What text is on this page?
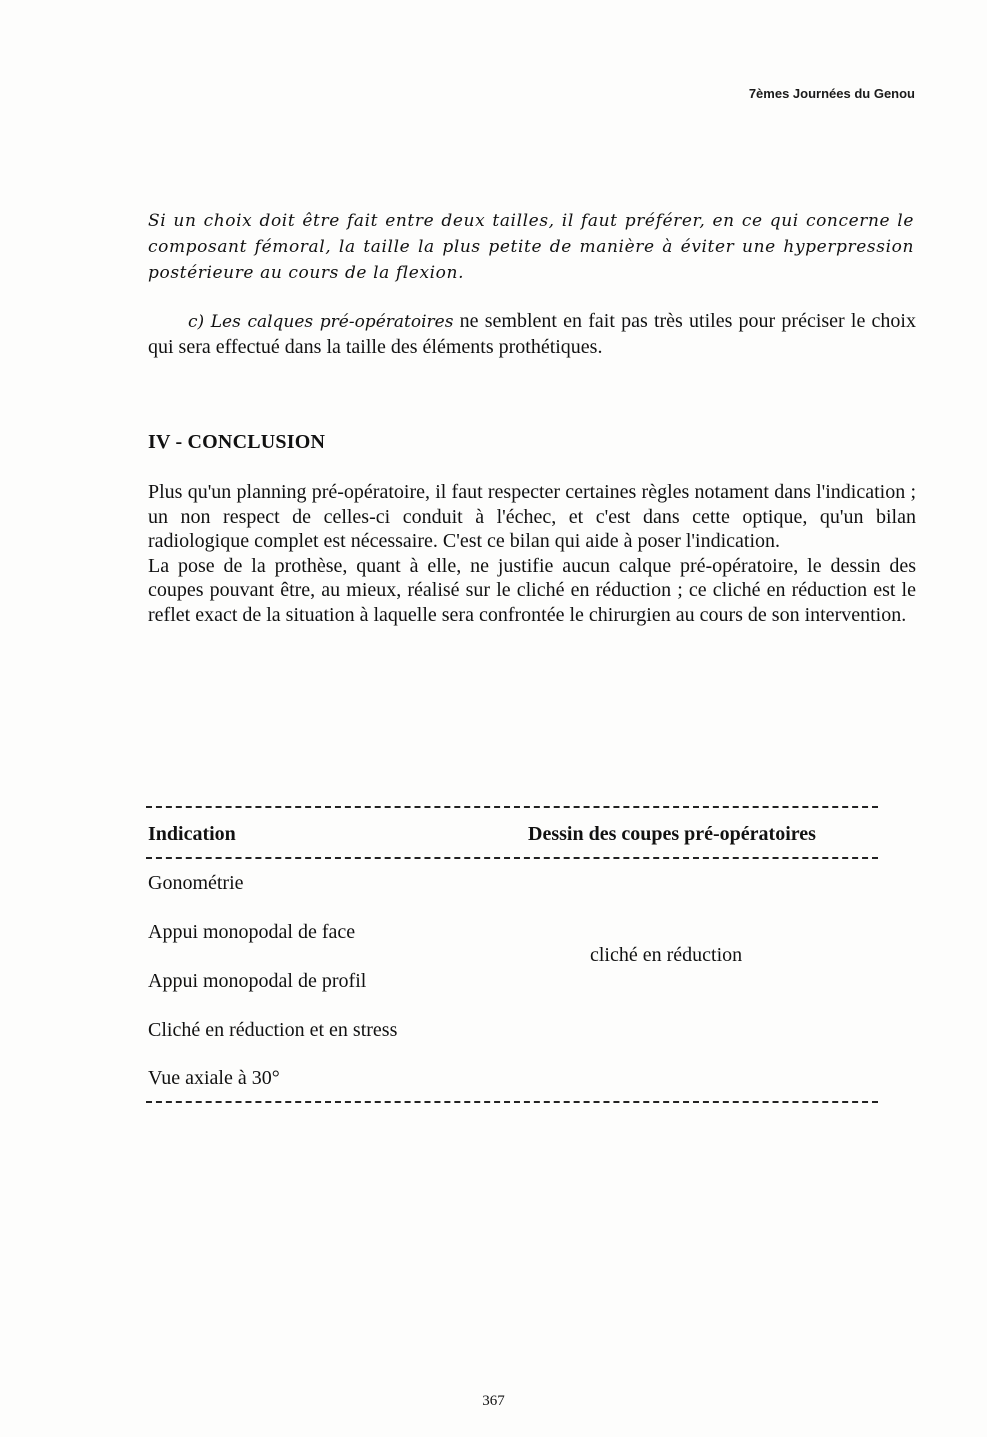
7èmes Journées du Genou
Si un choix doit être fait entre deux tailles, il faut préférer, en ce qui concerne le composant fémoral, la taille la plus petite de manière à éviter une hyperpression postérieure au cours de la flexion.
c) Les calques pré-opératoires ne semblent en fait pas très utiles pour préciser le choix qui sera effectué dans la taille des éléments prothétiques.
IV - CONCLUSION

Plus qu'un planning pré-opératoire, il faut respecter certaines règles notament dans l'indication ; un non respect de celles-ci conduit à l'échec, et c'est dans cette optique, qu'un bilan radiologique complet est nécessaire. C'est ce bilan qui aide à poser l'indication.

La pose de la prothèse, quant à elle, ne justifie aucun calque pré-opératoire, le dessin des coupes pouvant être, au mieux, réalisé sur le cliché en réduction ; ce cliché en réduction est le reflet exact de la situation à laquelle sera confrontée le chirurgien au cours de son intervention.

Indication	Dessin des coupes pré-opératoires
Gonométrie
Appui monopodal de face
Appui monopodal de profil
Cliché en réduction et en stress
Vue axiale à 30°
cliché en réduction
367
